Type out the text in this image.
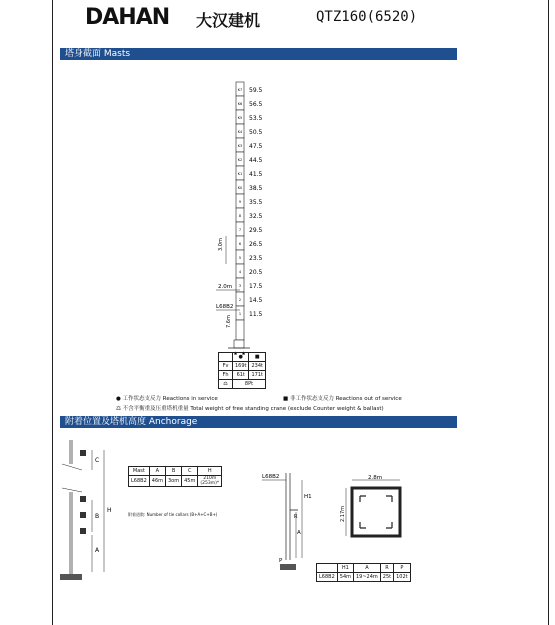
DAHAN 大汉建机	QTZ160(6520)
塔身截面 Masts
K7 59.5
K6 56.5
K5 53.5
K4 50.5
K3 47.5
K2 44.5
K1 41.5
K0 38.5
9 35.5
8 32.5
7 29.5
6 26.5
5 23.5
4 20.5
3 17.5
2 14.5
1 11.5
3.0m
2.0m
L68B2
7.6m
▲ ▲
	●	■
Fv	169t	234t
Fh	61t	171t
⚖	8Pt	
● 工作状态支反力 Reactions in service	■ 非工作状态支反力 Reactions out of service
⚖ 不含平衡重及压重塔机重量 Total weight of free standing crane (exclude Counter weight & ballast)
附着位置及塔机高度 Anchorage
C
B
A
H
Mast	A	B	C	H
L68B2	46m	3om	45m	210m
(253m)*
附着道数: Number of tie collars (B+A+C+B+)
L68B2
H1
A
R
P
2.8m
2.17m
	H1	A	R	P
L68B2	54m	19~24m	25t	102t
